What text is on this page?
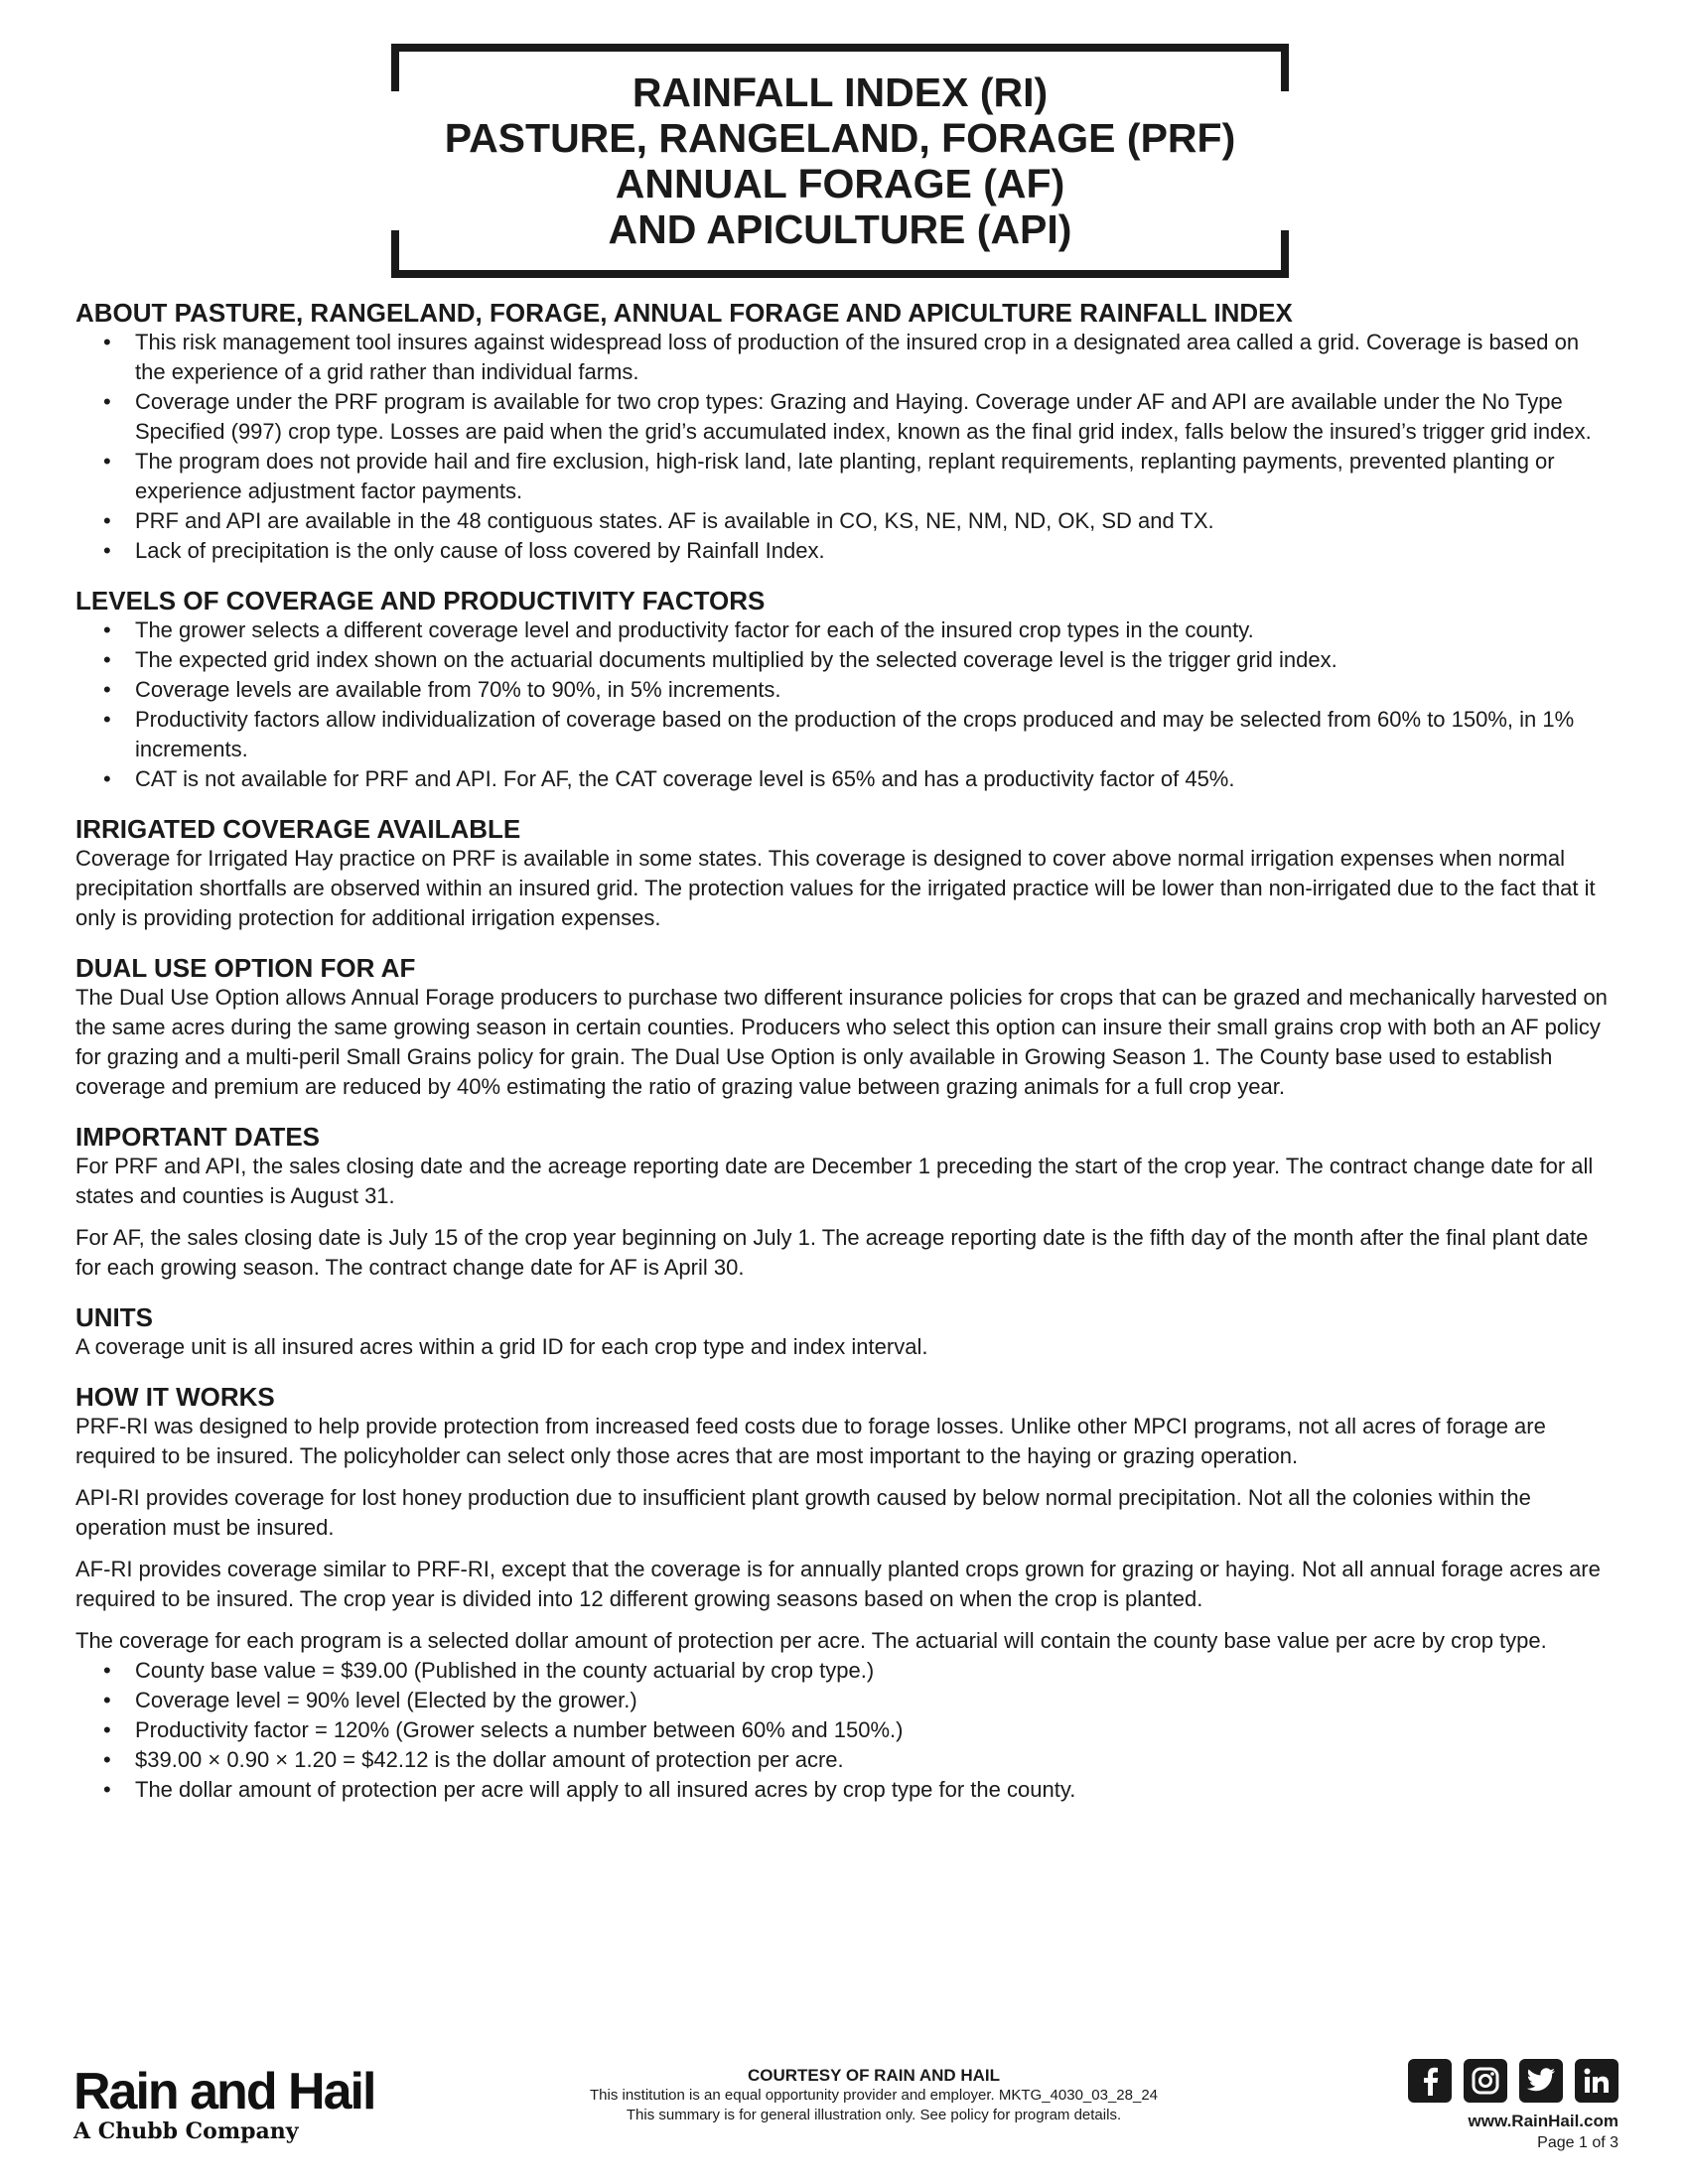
RAINFALL INDEX (RI)
PASTURE, RANGELAND, FORAGE (PRF)
ANNUAL FORAGE (AF)
AND APICULTURE (API)
ABOUT PASTURE, RANGELAND, FORAGE, ANNUAL FORAGE AND APICULTURE RAINFALL INDEX
• This risk management tool insures against widespread loss of production of the insured crop in a designated area called a grid. Coverage is based on the experience of a grid rather than individual farms.
• Coverage under the PRF program is available for two crop types: Grazing and Haying. Coverage under AF and API are available under the No Type Specified (997) crop type. Losses are paid when the grid’s accumulated index, known as the final grid index, falls below the insured’s trigger grid index.
• The program does not provide hail and fire exclusion, high-risk land, late planting, replant requirements, replanting payments, prevented planting or experience adjustment factor payments.
• PRF and API are available in the 48 contiguous states. AF is available in CO, KS, NE, NM, ND, OK, SD and TX.
• Lack of precipitation is the only cause of loss covered by Rainfall Index.
LEVELS OF COVERAGE AND PRODUCTIVITY FACTORS
• The grower selects a different coverage level and productivity factor for each of the insured crop types in the county.
• The expected grid index shown on the actuarial documents multiplied by the selected coverage level is the trigger grid index.
• Coverage levels are available from 70% to 90%, in 5% increments.
• Productivity factors allow individualization of coverage based on the production of the crops produced and may be selected from 60% to 150%, in 1% increments.
• CAT is not available for PRF and API. For AF, the CAT coverage level is 65% and has a productivity factor of 45%.
IRRIGATED COVERAGE AVAILABLE

Coverage for Irrigated Hay practice on PRF is available in some states. This coverage is designed to cover above normal irrigation expenses when normal precipitation shortfalls are observed within an insured grid. The protection values for the irrigated practice will be lower than non-irrigated due to the fact that it only is providing protection for additional irrigation expenses.

DUAL USE OPTION FOR AF

The Dual Use Option allows Annual Forage producers to purchase two different insurance policies for crops that can be grazed and mechanically harvested on the same acres during the same growing season in certain counties. Producers who select this option can insure their small grains crop with both an AF policy for grazing and a multi-peril Small Grains policy for grain. The Dual Use Option is only available in Growing Season 1. The County base used to establish coverage and premium are reduced by 40% estimating the ratio of grazing value between grazing animals for a full crop year.

IMPORTANT DATES

For PRF and API, the sales closing date and the acreage reporting date are December 1 preceding the start of the crop year. The contract change date for all states and counties is August 31.

For AF, the sales closing date is July 15 of the crop year beginning on July 1. The acreage reporting date is the fifth day of the month after the final plant date for each growing season. The contract change date for AF is April 30.

UNITS

A coverage unit is all insured acres within a grid ID for each crop type and index interval.

HOW IT WORKS

PRF-RI was designed to help provide protection from increased feed costs due to forage losses. Unlike other MPCI programs, not all acres of forage are required to be insured. The policyholder can select only those acres that are most important to the haying or grazing operation.

API-RI provides coverage for lost honey production due to insufficient plant growth caused by below normal precipitation. Not all the colonies within the operation must be insured.

AF-RI provides coverage similar to PRF-RI, except that the coverage is for annually planted crops grown for grazing or haying. Not all annual forage acres are required to be insured. The crop year is divided into 12 different growing seasons based on when the crop is planted.

The coverage for each program is a selected dollar amount of protection per acre. The actuarial will contain the county base value per acre by crop type.

• County base value = $39.00 (Published in the county actuarial by crop type.)
• Coverage level = 90% level (Elected by the grower.)
• Productivity factor = 120% (Grower selects a number between 60% and 150%.)
• $39.00 × 0.90 × 1.20 = $42.12 is the dollar amount of protection per acre.
• The dollar amount of protection per acre will apply to all insured acres by crop type for the county.
Rain and Hail
A Chubb Company
COURTESY OF RAIN AND HAIL
This institution is an equal opportunity provider and employer. MKTG_4030_03_28_24
This summary is for general illustration only. See policy for program details.	www.RainHail.com
Page 1 of 3
